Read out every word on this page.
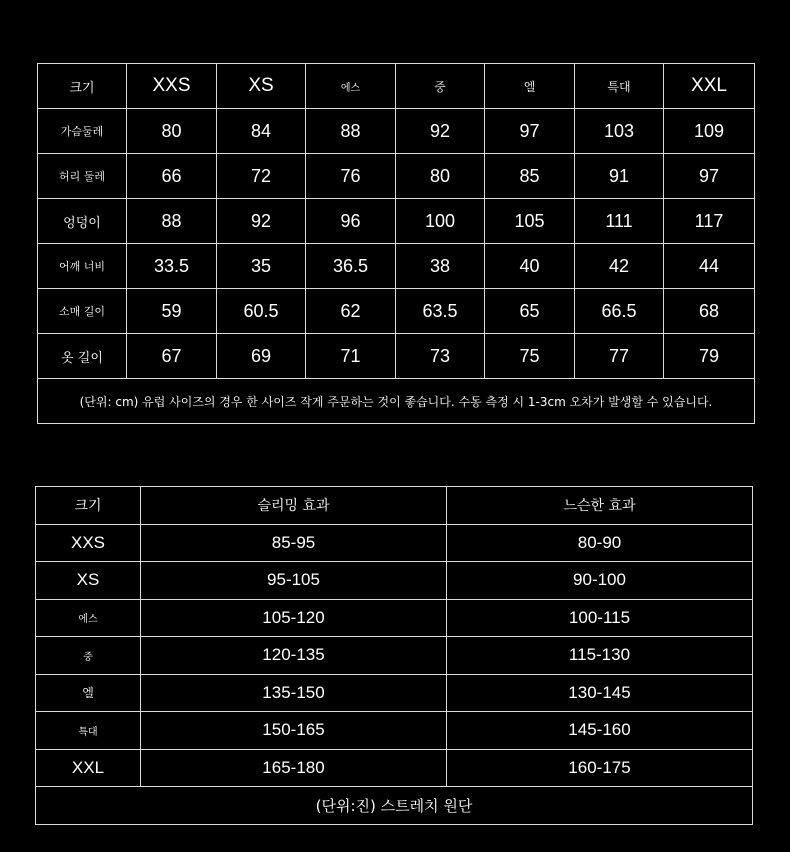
크기	XXS	XS	에스	중	엘	특대	XXL
가슴둘레	80	84	88	92	97	103	109
허리 둘레	66	72	76	80	85	91	97
엉덩이	88	92	96	100	105	111	117
어깨 너비	33.5	35	36.5	38	40	42	44
소매 길이	59	60.5	62	63.5	65	66.5	68
옷 길이	67	69	71	73	75	77	79
(단위: cm) 유럽 사이즈의 경우 한 사이즈 작게 주문하는 것이 좋습니다. 수동 측정 시 1-3cm 오차가 발생할 수 있습니다.							
크기	슬리밍 효과	느슨한 효과
XXS	85-95	80-90
XS	95-105	90-100
에스	105-120	100-115
중	120-135	115-130
엘	135-150	130-145
특대	150-165	145-160
XXL	165-180	160-175
(단위:진) 스트레치 원단		
